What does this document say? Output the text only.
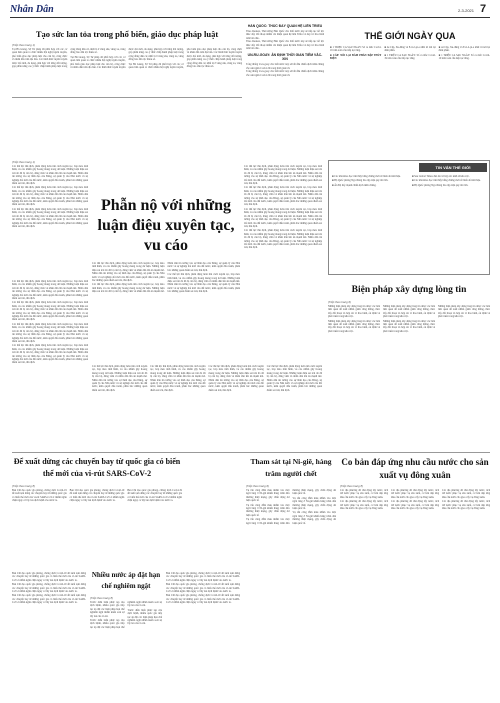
Nhân Dân	2-3-2021 7
Tạo sức lan tỏa trong phổ biến, giáo dục pháp luật
(Tiếp theo trang 1)

Tại Hà Giang, Sở Tư pháp đã phối hợp với các cơ quan liên quan tổ chức nhiều hội nghị tuyên truyền, phổ biến giáo dục pháp luật cho cán bộ, công chức và nhân dân trên địa bàn. Các hình thức tuyên truyền được đổi mới, đa dạng, phù hợp với từng đối tượng, góp phần nâng cao ý thức chấp hành pháp luật trong cộng đồng dân cư, nhất là ở vùng sâu, vùng xa, vùng đồng bào dân tộc thiểu số.

Tại Hà Giang, Sở Tư pháp đã phối hợp với các cơ quan liên quan tổ chức nhiều hội nghị tuyên truyền, phổ biến giáo dục pháp luật cho cán bộ, công chức và nhân dân trên địa bàn. Các hình thức tuyên truyền được đổi mới, đa dạng, phù hợp với từng đối tượng, góp phần nâng cao ý thức chấp hành pháp luật trong cộng đồng dân cư, nhất là ở vùng sâu, vùng xa, vùng đồng bào dân tộc thiểu số.

Tại Hà Giang, Sở Tư pháp đã phối hợp với các cơ quan liên quan tổ chức nhiều hội nghị tuyên truyền, phổ biến giáo dục pháp luật cho cán bộ, công chức và nhân dân trên địa bàn. Các hình thức tuyên truyền được đổi mới, đa dạng, phù hợp với từng đối tượng, góp phần nâng cao ý thức chấp hành pháp luật trong cộng đồng dân cư, nhất là ở vùng sâu, vùng xa, vùng đồng bào dân tộc thiểu số.

HÀN QUỐC: THÚC ĐẨY QUAN HỆ LIÊN TRIỀU
Theo Reuters, Thủ tướng Hàn Quốc cho biết nước này sẽ tiếp tục nỗ lực thúc đẩy đối thoại nhằm cải thiện quan hệ liên Triều và duy trì hòa bình trên bán đảo.
Theo Reuters, Thủ tướng Hàn Quốc cho biết nước này sẽ tiếp tục nỗ lực thúc đẩy đối thoại nhằm cải thiện quan hệ liên Triều và duy trì hòa bình trên bán đảo.
UN-RU-GOAY: ÂN ĐỊNH THỜI GIAN TIÊM VẮC-XIN
Tổng thống U-ru-goay cho biết nước này sẽ bắt đầu chiến dịch tiêm chủng vắc-xin ngừa Covid-19 trong thời gian tới.
Tổng thống U-ru-goay cho biết nước này sẽ bắt đầu chiến dịch tiêm chủng vắc-xin ngừa Covid-19 trong thời gian tới.
THẾ GIỚI NGÀY QUA

■ 1 TRIỆU CA SAU NGÀY: Số ca mắc Covid-19 trên toàn cầu tiếp tục tăng.

■ CÁP: NỖI LẠI ĐÀM PHÁN ĐẬP THỦY ĐIỆN

■ Ai Cập, Xu-đăng và Ê-ti-ô-pi-a nhất trí nối lại đàm phán.

■ 1 TRIỆU CA SAU NGÀY: Số ca mắc Covid-19 trên toàn cầu tiếp tục tăng.

■ Ai Cập, Xu-đăng và Ê-ti-ô-pi-a nhất trí nối lại đàm phán.

■ 1 TRIỆU CA SAU NGÀY: Số ca mắc Covid-19 trên toàn cầu tiếp tục tăng.

(Tiếp theo trang 1)

Các thế lực thù địch, phản động luôn tìm cách xuyên tạc, bóp méo tình hình, vu cáo nhằm gây hoang mang trong dư luận. Những luận điệu sai trái đó đã bị cán bộ, đảng viên và nhân dân lên án mạnh mẽ. Nhân dân tin tưởng vào sự lãnh đạo của Đảng, sự quản lý của Nhà nước và sự nghiệp đổi mới của đất nước, kiên quyết đấu tranh, phản bác những quan điểm sai trái, thù địch.

Các thế lực thù địch, phản động luôn tìm cách xuyên tạc, bóp méo tình hình, vu cáo nhằm gây hoang mang trong dư luận. Những luận điệu sai trái đó đã bị cán bộ, đảng viên và nhân dân lên án mạnh mẽ. Nhân dân tin tưởng vào sự lãnh đạo của Đảng, sự quản lý của Nhà nước và sự nghiệp đổi mới của đất nước, kiên quyết đấu tranh, phản bác những quan điểm sai trái, thù địch.

Các thế lực thù địch, phản động luôn tìm cách xuyên tạc, bóp méo tình hình, vu cáo nhằm gây hoang mang trong dư luận. Những luận điệu sai trái đó đã bị cán bộ, đảng viên và nhân dân lên án mạnh mẽ. Nhân dân tin tưởng vào sự lãnh đạo của Đảng, sự quản lý của Nhà nước và sự nghiệp đổi mới của đất nước, kiên quyết đấu tranh, phản bác những quan điểm sai trái, thù địch.

Phẫn nộ với những luận điệu xuyên tạc, vu cáo

Các thế lực thù địch, phản động luôn tìm cách xuyên tạc, bóp méo tình hình, vu cáo nhằm gây hoang mang trong dư luận. Những luận điệu sai trái đó đã bị cán bộ, đảng viên và nhân dân lên án mạnh mẽ. Nhân dân tin tưởng vào sự lãnh đạo của Đảng, sự quản lý của Nhà nước và sự nghiệp đổi mới của đất nước, kiên quyết đấu tranh, phản bác những quan điểm sai trái, thù địch.

Các thế lực thù địch, phản động luôn tìm cách xuyên tạc, bóp méo tình hình, vu cáo nhằm gây hoang mang trong dư luận. Những luận điệu sai trái đó đã bị cán bộ, đảng viên và nhân dân lên án mạnh mẽ. Nhân dân tin tưởng vào sự lãnh đạo của Đảng, sự quản lý của Nhà nước và sự nghiệp đổi mới của đất nước, kiên quyết đấu tranh, phản bác những quan điểm sai trái, thù địch.

Các thế lực thù địch, phản động luôn tìm cách xuyên tạc, bóp méo tình hình, vu cáo nhằm gây hoang mang trong dư luận. Những luận điệu sai trái đó đã bị cán bộ, đảng viên và nhân dân lên án mạnh mẽ. Nhân dân tin tưởng vào sự lãnh đạo của Đảng, sự quản lý của Nhà nước và sự nghiệp đổi mới của đất nước, kiên quyết đấu tranh, phản bác những quan điểm sai trái, thù địch.

Các thế lực thù địch, phản động luôn tìm cách xuyên tạc, bóp méo tình hình, vu cáo nhằm gây hoang mang trong dư luận. Những luận điệu sai trái đó đã bị cán bộ, đảng viên và nhân dân lên án mạnh mẽ. Nhân dân tin tưởng vào sự lãnh đạo của Đảng, sự quản lý của Nhà nước và sự nghiệp đổi mới của đất nước, kiên quyết đấu tranh, phản bác những quan điểm sai trái, thù địch.

Các thế lực thù địch, phản động luôn tìm cách xuyên tạc, bóp méo tình hình, vu cáo nhằm gây hoang mang trong dư luận. Những luận điệu sai trái đó đã bị cán bộ, đảng viên và nhân dân lên án mạnh mẽ. Nhân dân tin tưởng vào sự lãnh đạo của Đảng, sự quản lý của Nhà nước và sự nghiệp đổi mới của đất nước, kiên quyết đấu tranh, phản bác những quan điểm sai trái, thù địch.

Các thế lực thù địch, phản động luôn tìm cách xuyên tạc, bóp méo tình hình, vu cáo nhằm gây hoang mang trong dư luận. Những luận điệu sai trái đó đã bị cán bộ, đảng viên và nhân dân lên án mạnh mẽ. Nhân dân tin tưởng vào sự lãnh đạo của Đảng, sự quản lý của Nhà nước và sự nghiệp đổi mới của đất nước, kiên quyết đấu tranh, phản bác những quan điểm sai trái, thù địch.

Các thế lực thù địch, phản động luôn tìm cách xuyên tạc, bóp méo tình hình, vu cáo nhằm gây hoang mang trong dư luận. Những luận điệu sai trái đó đã bị cán bộ, đảng viên và nhân dân lên án mạnh mẽ. Nhân dân tin tưởng vào sự lãnh đạo của Đảng, sự quản lý của Nhà nước và sự nghiệp đổi mới của đất nước, kiên quyết đấu tranh, phản bác những quan điểm sai trái, thù địch.

Các thế lực thù địch, phản động luôn tìm cách xuyên tạc, bóp méo tình hình, vu cáo nhằm gây hoang mang trong dư luận. Những luận điệu sai trái đó đã bị cán bộ, đảng viên và nhân dân lên án mạnh mẽ. Nhân dân tin tưởng vào sự lãnh đạo của Đảng, sự quản lý của Nhà nước và sự nghiệp đổi mới của đất nước, kiên quyết đấu tranh, phản bác những quan điểm sai trái, thù địch.

Các thế lực thù địch, phản động luôn tìm cách xuyên tạc, bóp méo tình hình, vu cáo nhằm gây hoang mang trong dư luận. Những luận điệu sai trái đó đã bị cán bộ, đảng viên và nhân dân lên án mạnh mẽ. Nhân dân tin tưởng vào sự lãnh đạo của Đảng, sự quản lý của Nhà nước và sự nghiệp đổi mới của đất nước, kiên quyết đấu tranh, phản bác những quan điểm sai trái, thù địch.

Các thế lực thù địch, phản động luôn tìm cách xuyên tạc, bóp méo tình hình, vu cáo nhằm gây hoang mang trong dư luận. Những luận điệu sai trái đó đã bị cán bộ, đảng viên và nhân dân lên án mạnh mẽ. Nhân dân tin tưởng vào sự lãnh đạo của Đảng, sự quản lý của Nhà nước và sự nghiệp đổi mới của đất nước, kiên quyết đấu tranh, phản bác những quan điểm sai trái, thù địch.

Các thế lực thù địch, phản động luôn tìm cách xuyên tạc, bóp méo tình hình, vu cáo nhằm gây hoang mang trong dư luận. Những luận điệu sai trái đó đã bị cán bộ, đảng viên và nhân dân lên án mạnh mẽ. Nhân dân tin tưởng vào sự lãnh đạo của Đảng, sự quản lý của Nhà nước và sự nghiệp đổi mới của đất nước, kiên quyết đấu tranh, phản bác những quan điểm sai trái, thù địch.

Các thế lực thù địch, phản động luôn tìm cách xuyên tạc, bóp méo tình hình, vu cáo nhằm gây hoang mang trong dư luận. Những luận điệu sai trái đó đã bị cán bộ, đảng viên và nhân dân lên án mạnh mẽ. Nhân dân tin tưởng vào sự lãnh đạo của Đảng, sự quản lý của Nhà nước và sự nghiệp đổi mới của đất nước, kiên quyết đấu tranh, phản bác những quan điểm sai trái, thù địch.

Các thế lực thù địch, phản động luôn tìm cách xuyên tạc, bóp méo tình hình, vu cáo nhằm gây hoang mang trong dư luận. Những luận điệu sai trái đó đã bị cán bộ, đảng viên và nhân dân lên án mạnh mẽ. Nhân dân tin tưởng vào sự lãnh đạo của Đảng, sự quản lý của Nhà nước và sự nghiệp đổi mới của đất nước, kiên quyết đấu tranh, phản bác những quan điểm sai trái, thù địch.

Các thế lực thù địch, phản động luôn tìm cách xuyên tạc, bóp méo tình hình, vu cáo nhằm gây hoang mang trong dư luận. Những luận điệu sai trái đó đã bị cán bộ, đảng viên và nhân dân lên án mạnh mẽ. Nhân dân tin tưởng vào sự lãnh đạo của Đảng, sự quản lý của Nhà nước và sự nghiệp đổi mới của đất nước, kiên quyết đấu tranh, phản bác những quan điểm sai trái, thù địch.

Các thế lực thù địch, phản động luôn tìm cách xuyên tạc, bóp méo tình hình, vu cáo nhằm gây hoang mang trong dư luận. Những luận điệu sai trái đó đã bị cán bộ, đảng viên và nhân dân lên án mạnh mẽ. Nhân dân tin tưởng vào sự lãnh đạo của Đảng, sự quản lý của Nhà nước và sự nghiệp đổi mới của đất nước, kiên quyết đấu tranh, phản bác những quan điểm sai trái, thù địch.

TIN VẮN THẾ GIỚI

■ Các nhà khoa học tìm thấy bằng chứng mới về biến đổi khí hậu.

■ Bộ Quốc phòng Nga thông báo tập trận quy mô lớn.

■ Ấn Độ đẩy mạnh chiến dịch tiêm chủng.

■ Sau Global Times đưa tin về hợp tác kinh tế khu vực.

■ Các nhà khoa học tìm thấy bằng chứng mới về biến đổi khí hậu.

■ Bộ Quốc phòng Nga thông báo tập trận quy mô lớn.

Biện pháp xây dựng lòng tin
(Tiếp theo trang 6)

Những biện pháp xây dựng lòng tin được các bên liên quan đề xuất nhằm giảm căng thẳng, thúc đẩy đối thoại và hợp tác vì hòa bình, ổn định và phát triển trong khu vực.

Những biện pháp xây dựng lòng tin được các bên liên quan đề xuất nhằm giảm căng thẳng, thúc đẩy đối thoại và hợp tác vì hòa bình, ổn định và phát triển trong khu vực.

Những biện pháp xây dựng lòng tin được các bên liên quan đề xuất nhằm giảm căng thẳng, thúc đẩy đối thoại và hợp tác vì hòa bình, ổn định và phát triển trong khu vực.

Những biện pháp xây dựng lòng tin được các bên liên quan đề xuất nhằm giảm căng thẳng, thúc đẩy đối thoại và hợp tác vì hòa bình, ổn định và phát triển trong khu vực.

Những biện pháp xây dựng lòng tin được các bên liên quan đề xuất nhằm giảm căng thẳng, thúc đẩy đối thoại và hợp tác vì hòa bình, ổn định và phát triển trong khu vực.

Để xuất dừng các chuyến bay từ quốc gia có biến thể mới của vi-rút SARS-CoV-2
(Tiếp theo trang 8)

Ban Chỉ đạo quốc gia phòng, chống dịch Covid-19 đề xuất tạm dừng các chuyến bay từ những quốc gia có biến thể mới của vi-rút SARS-CoV-2 nhằm ngăn chặn nguy cơ lây lan dịch bệnh vào nước ta.

Ban Chỉ đạo quốc gia phòng, chống dịch Covid-19 đề xuất tạm dừng các chuyến bay từ những quốc gia có biến thể mới của vi-rút SARS-CoV-2 nhằm ngăn chặn nguy cơ lây lan dịch bệnh vào nước ta.

Ban Chỉ đạo quốc gia phòng, chống dịch Covid-19 đề xuất tạm dừng các chuyến bay từ những quốc gia có biến thể mới của vi-rút SARS-CoV-2 nhằm ngăn chặn nguy cơ lây lan dịch bệnh vào nước ta.

Nhiều nước áp đặt hạn chế nghiêm ngặt
(Tiếp theo trang 8)

Trước diễn biến phức tạp của dịch bệnh, nhiều quốc gia tiếp tục áp đặt các biện pháp hạn chế nghiêm ngặt nhằm kiểm soát sự lây lan của vi-rút.

Trước diễn biến phức tạp của dịch bệnh, nhiều quốc gia tiếp tục áp đặt các biện pháp hạn chế nghiêm ngặt nhằm kiểm soát sự lây lan của vi-rút.

Trước diễn biến phức tạp của dịch bệnh, nhiều quốc gia tiếp tục áp đặt các biện pháp hạn chế nghiêm ngặt nhằm kiểm soát sự lây lan của vi-rút.

Ban Chỉ đạo quốc gia phòng, chống dịch Covid-19 đề xuất tạm dừng các chuyến bay từ những quốc gia có biến thể mới của vi-rút SARS-CoV-2 nhằm ngăn chặn nguy cơ lây lan dịch bệnh vào nước ta.

Ban Chỉ đạo quốc gia phòng, chống dịch Covid-19 đề xuất tạm dừng các chuyến bay từ những quốc gia có biến thể mới của vi-rút SARS-CoV-2 nhằm ngăn chặn nguy cơ lây lan dịch bệnh vào nước ta.

Ban Chỉ đạo quốc gia phòng, chống dịch Covid-19 đề xuất tạm dừng các chuyến bay từ những quốc gia có biến thể mới của vi-rút SARS-CoV-2 nhằm ngăn chặn nguy cơ lây lan dịch bệnh vào nước ta.

Ban Chỉ đạo quốc gia phòng, chống dịch Covid-19 đề xuất tạm dừng các chuyến bay từ những quốc gia có biến thể mới của vi-rút SARS-CoV-2 nhằm ngăn chặn nguy cơ lây lan dịch bệnh vào nước ta.

Ban Chỉ đạo quốc gia phòng, chống dịch Covid-19 đề xuất tạm dừng các chuyến bay từ những quốc gia có biến thể mới của vi-rút SARS-CoV-2 nhằm ngăn chặn nguy cơ lây lan dịch bệnh vào nước ta.

Ban Chỉ đạo quốc gia phòng, chống dịch Covid-19 đề xuất tạm dừng các chuyến bay từ những quốc gia có biến thể mới của vi-rút SARS-CoV-2 nhằm ngăn chặn nguy cơ lây lan dịch bệnh vào nước ta.

Tham sát tại Ni-giê, hàng trăm người chết
(Tiếp theo trang 6)

Vụ tấn công đẫm máu nhằm vào một ngôi làng ở Ni-giê khiến hàng trăm dân thường thiệt mạng, gây chấn động dư luận quốc tế.

Vụ tấn công đẫm máu nhằm vào một ngôi làng ở Ni-giê khiến hàng trăm dân thường thiệt mạng, gây chấn động dư luận quốc tế.

Vụ tấn công đẫm máu nhằm vào một ngôi làng ở Ni-giê khiến hàng trăm dân thường thiệt mạng, gây chấn động dư luận quốc tế.

Vụ tấn công đẫm máu nhằm vào một ngôi làng ở Ni-giê khiến hàng trăm dân thường thiệt mạng, gây chấn động dư luận quốc tế.

Vụ tấn công đẫm máu nhằm vào một ngôi làng ở Ni-giê khiến hàng trăm dân thường thiệt mạng, gây chấn động dư luận quốc tế.

Co bản đáp ứng nhu cầu nước cho sản xuất vụ đông xuân
(Tiếp theo trang 8)

Các địa phương đã chủ động lấy nước, tích trữ nước phục vụ sản xuất, cơ bản đáp ứng nhu cầu nước cho gieo cấy vụ đông xuân.

Các địa phương đã chủ động lấy nước, tích trữ nước phục vụ sản xuất, cơ bản đáp ứng nhu cầu nước cho gieo cấy vụ đông xuân.

Các địa phương đã chủ động lấy nước, tích trữ nước phục vụ sản xuất, cơ bản đáp ứng nhu cầu nước cho gieo cấy vụ đông xuân.

Các địa phương đã chủ động lấy nước, tích trữ nước phục vụ sản xuất, cơ bản đáp ứng nhu cầu nước cho gieo cấy vụ đông xuân.

Các địa phương đã chủ động lấy nước, tích trữ nước phục vụ sản xuất, cơ bản đáp ứng nhu cầu nước cho gieo cấy vụ đông xuân.

Các địa phương đã chủ động lấy nước, tích trữ nước phục vụ sản xuất, cơ bản đáp ứng nhu cầu nước cho gieo cấy vụ đông xuân.
